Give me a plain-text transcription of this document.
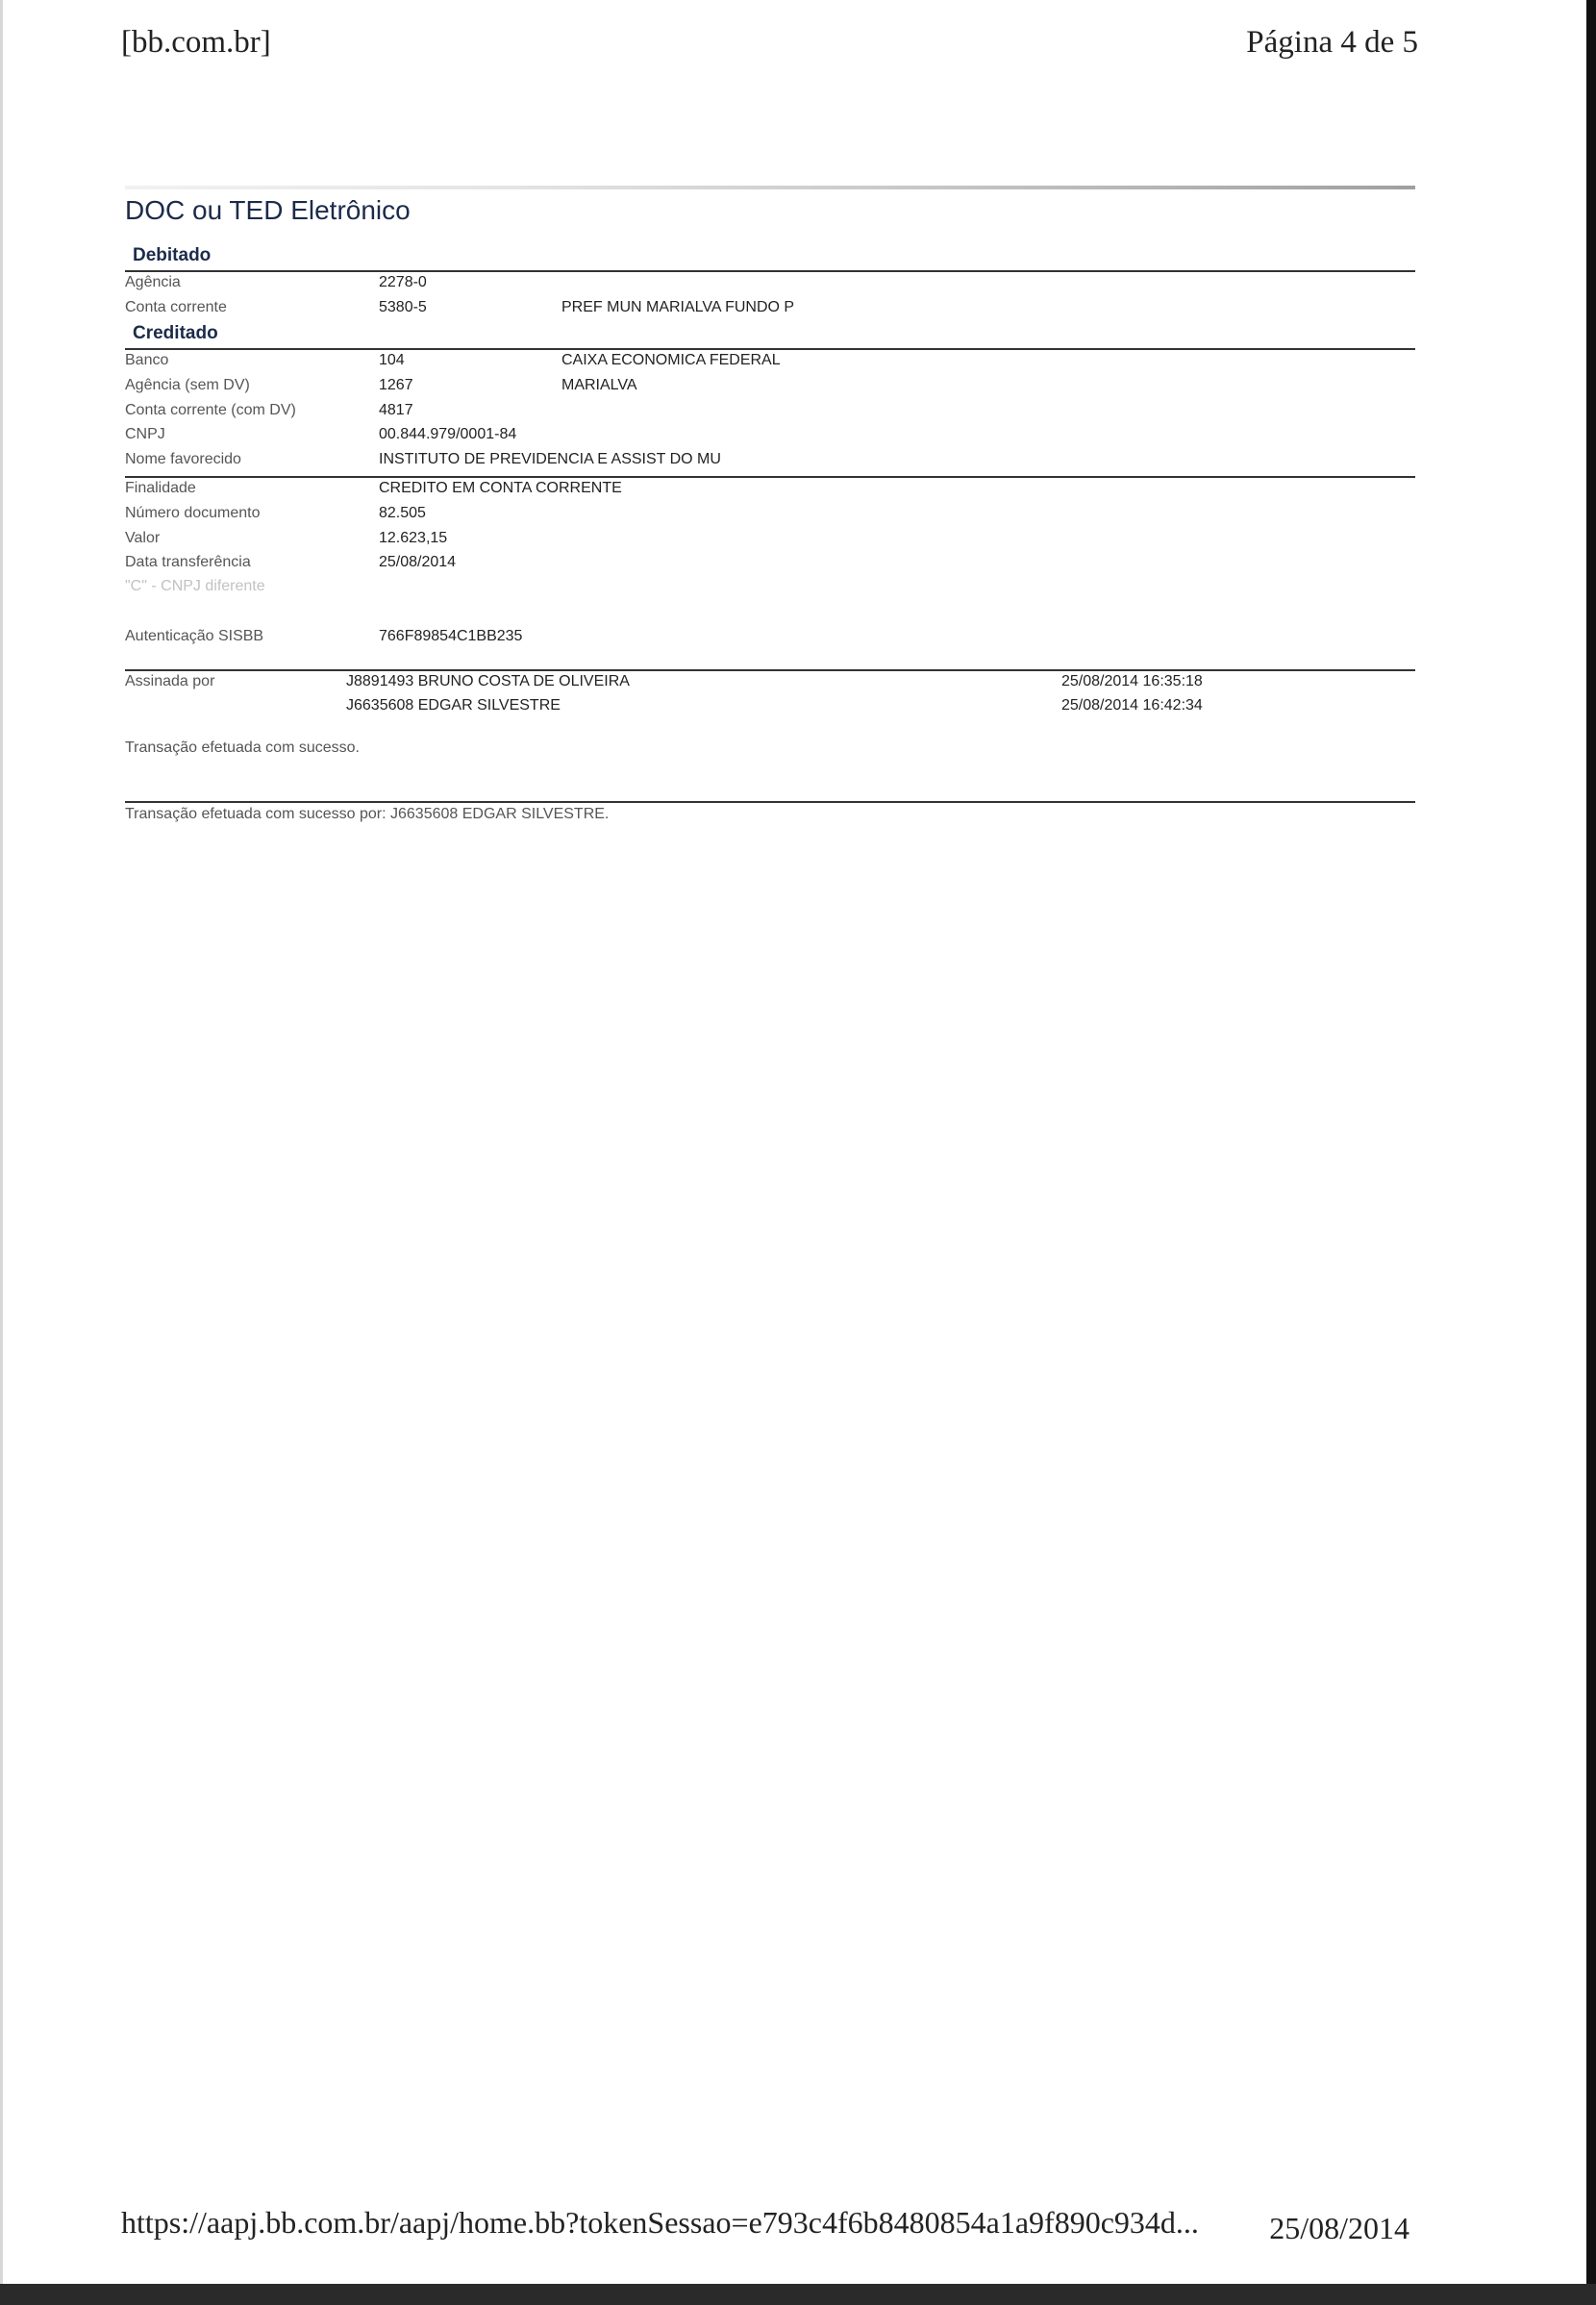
[bb.com.br]	Página 4 de 5
DOC ou TED Eletrônico
Debitado
Agência	2278-0
Conta corrente	5380-5	PREF MUN MARIALVA FUNDO P
Creditado
Banco	104	CAIXA ECONOMICA FEDERAL
Agência (sem DV)	1267	MARIALVA
Conta corrente (com DV)	4817
CNPJ	00.844.979/0001-84
Nome favorecido	INSTITUTO DE PREVIDENCIA E ASSIST DO MU
Finalidade	CREDITO EM CONTA CORRENTE
Número documento	82.505
Valor	12.623,15
Data transferência	25/08/2014
"C" - CNPJ diferente
Autenticação SISBB	766F89854C1BB235
Assinada por	J8891493 BRUNO COSTA DE OLIVEIRA	25/08/2014 16:35:18
J6635608 EDGAR SILVESTRE	25/08/2014 16:42:34
Transação efetuada com sucesso.
Transação efetuada com sucesso por: J6635608 EDGAR SILVESTRE.
https://aapj.bb.com.br/aapj/home.bb?tokenSessao=e793c4f6b8480854a1a9f890c934d... 25/08/2014
